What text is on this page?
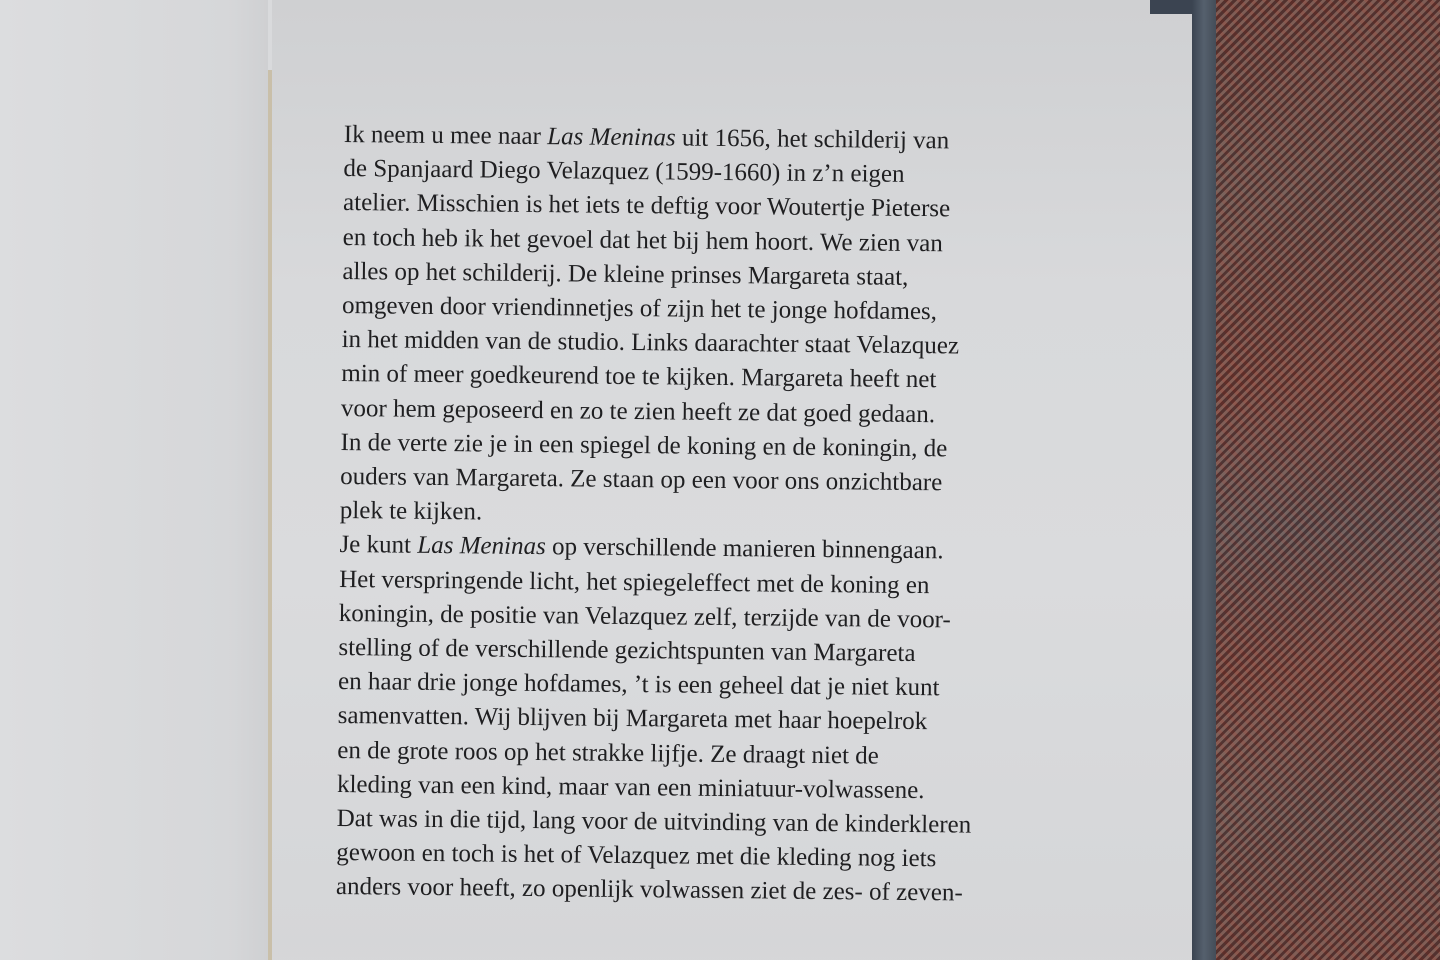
Ik neem u mee naar Las Meninas uit 1656, het schilderij van
de Spanjaard Diego Velazquez (1599-1660) in z’n eigen
atelier. Misschien is het iets te deftig voor Woutertje Pieterse
en toch heb ik het gevoel dat het bij hem hoort. We zien van
alles op het schilderij. De kleine prinses Margareta staat,
omgeven door vriendinnetjes of zijn het te jonge hofdames,
in het midden van de studio. Links daarachter staat Velazquez
min of meer goedkeurend toe te kijken. Margareta heeft net
voor hem geposeerd en zo te zien heeft ze dat goed gedaan.
In de verte zie je in een spiegel de koning en de koningin, de
ouders van Margareta. Ze staan op een voor ons onzichtbare
plek te kijken.
Je kunt Las Meninas op verschillende manieren binnengaan.
Het verspringende licht, het spiegeleffect met de koning en
koningin, de positie van Velazquez zelf, terzijde van de voor-
stelling of de verschillende gezichtspunten van Margareta
en haar drie jonge hofdames, ’t is een geheel dat je niet kunt
samenvatten. Wij blijven bij Margareta met haar hoepelrok
en de grote roos op het strakke lijfje. Ze draagt niet de
kleding van een kind, maar van een miniatuur-volwassene.
Dat was in die tijd, lang voor de uitvinding van de kinderkleren
gewoon en toch is het of Velazquez met die kleding nog iets
anders voor heeft, zo openlijk volwassen ziet de zes- of zeven-
